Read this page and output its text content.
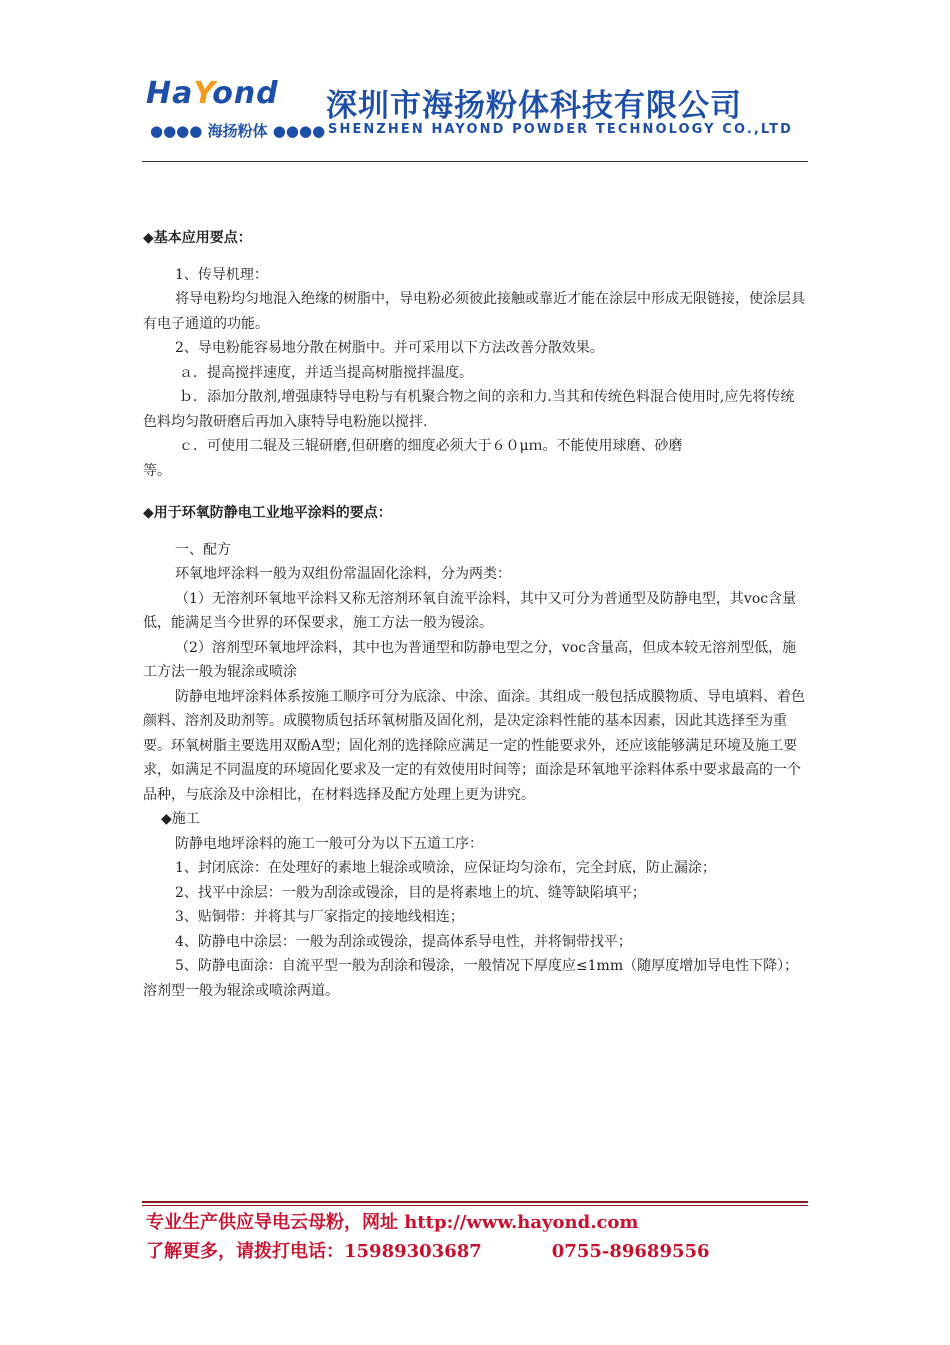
HaYond
●●●● 海扬粉体 ●●●●
深圳市海扬粉体科技有限公司
SHENZHEN HAYOND POWDER TECHNOLOGY CO.,LTD

◆基本应用要点：

1、传导机理：

将导电粉均匀地混入绝缘的树脂中，导电粉必须彼此接触或靠近才能在涂层中形成无限链接，使涂层具有电子通道的功能。

2、导电粉能容易地分散在树脂中。并可采用以下方法改善分散效果。

ａ．提高搅拌速度，并适当提高树脂搅拌温度。

ｂ．添加分散剂,增强康特导电粉与有机聚合物之间的亲和力.当其和传统色料混合使用时,应先将传统色料均匀散研磨后再加入康特导电粉施以搅拌.

ｃ．可使用二辊及三辊研磨,但研磨的细度必须大于６０μｍ。不能使用球磨、砂磨

等。

◆用于环氧防静电工业地平涂料的要点：

一、配方

环氧地坪涂料一般为双组份常温固化涂料，分为两类：

（1）无溶剂环氧地平涂料又称无溶剂环氧自流平涂料，其中又可分为普通型及防静电型，其voc含量低，能满足当今世界的环保要求，施工方法一般为镘涂。

（2）溶剂型环氧地坪涂料，其中也为普通型和防静电型之分，voc含量高，但成本较无溶剂型低，施工方法一般为辊涂或喷涂

防静电地坪涂料体系按施工顺序可分为底涂、中涂、面涂。其组成一般包括成膜物质、导电填料、着色颜料、溶剂及助剂等。成膜物质包括环氧树脂及固化剂，是决定涂料性能的基本因素，因此其选择至为重要。环氧树脂主要选用双酚A型；固化剂的选择除应满足一定的性能要求外，还应该能够满足环境及施工要求，如满足不同温度的环境固化要求及一定的有效使用时间等；面涂是环氧地平涂料体系中要求最高的一个品种，与底涂及中涂相比，在材料选择及配方处理上更为讲究。

◆施工

防静电地坪涂料的施工一般可分为以下五道工序：

1、封闭底涂：在处理好的素地上辊涂或喷涂，应保证均匀涂布，完全封底，防止漏涂；

2、找平中涂层：一般为刮涂或镘涂，目的是将素地上的坑、缝等缺陷填平；

3、贴铜带：并将其与厂家指定的接地线相连；

4、防静电中涂层：一般为刮涂或镘涂，提高体系导电性，并将铜带找平；

5、防静电面涂：自流平型一般为刮涂和镘涂，一般情况下厚度应≤1mm（随厚度增加导电性下降）；溶剂型一般为辊涂或喷涂两道。

专业生产供应导电云母粉，网址 http://www.hayond.com

了解更多，请拨打电话：15989303687	0755-89689556
